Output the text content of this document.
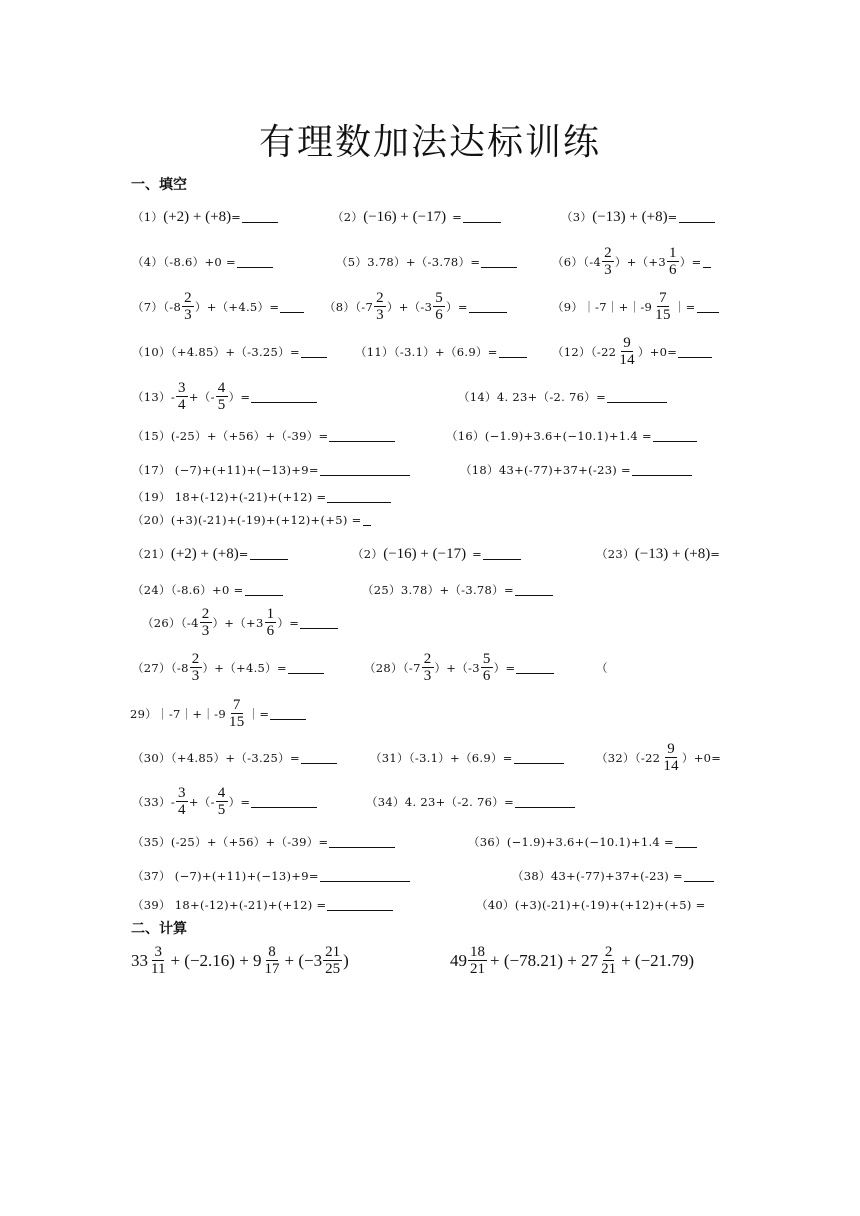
有理数加法达标训练
一、填空
（1） (+2) + (+8) =	（2） (−16) + (−17) =	（3） (−13) + (+8) =
（4）（-8.6）+0 =	（5）3.78）+（-3.78）=	$(6)(-4 \frac{2}{3} )+(+3 \frac{1}{6}$ ）=
$(7)(-8 \frac{2}{3} )+(+4.5)=$	$(8)(-7 \frac{2}{3} )+(-3 \frac{5}{6}$ ）=	（9）｜-7｜+｜-9 $\frac{7}{15}$ ｜=
（10）（+4.85）+（-3.25）=	（11）（-3.1）+（6.9）=	$(12)(-22 \frac{9}{14} )+0=$
$(13)- \frac{3}{4}$ +（- $\frac{4}{5}$ ）=	（14）4. 23+（-2. 76）=
（15）(-25）+（+56）+（-39）=	（16）(−1.9)+3.6+(−10.1)+1.4 =
（17） (−7)+(+11)+(−13)+9=	（18）43+(-77)+37+(-23) =
（19） 18+(-12)+(-21)+(+12) =
（20）(+3)(-21)+(-19)+(+12)+(+5) =
（21） (+2) + (+8) =	（2） (−16) + (−17) =	（23） (−13) + (+8) =
（24）（-8.6）+0 =	（25）3.78）+（-3.78）=
$(26)(-4 \frac{2}{3} )+(+3 \frac{1}{6}$ ）=
$(27)(-8 \frac{2}{3} )+(+4.5)=$	$(28)(-7 \frac{2}{3} )+(-3 \frac{5}{6}$ ）=	（
29）｜-7｜+｜-9 $\frac{7}{15}$ ｜=
（30）（+4.85）+（-3.25）=	（31）（-3.1）+（6.9）=	$(32)(-22 \frac{9}{14} )+0=$
$(33)- \frac{3}{4}$ +（- $\frac{4}{5}$ ）=	（34）4. 23+（-2. 76）=
（35）(-25）+（+56）+（-39）=	（36）(−1.9)+3.6+(−10.1)+1.4 =
（37） (−7)+(+11)+(−13)+9=	（38）43+(-77)+37+(-23) =
（39） 18+(-12)+(-21)+(+12) =	（40）(+3)(-21)+(-19)+(+12)+(+5) =
二、计算
$33 \frac{3}{11} + (-2.16) + 9 \frac{8}{17} + (-3 \frac{21}{25}$ )	$49 \frac{18}{21} + (-78.21) + 27 \frac{2}{21} + (-21.79)$
